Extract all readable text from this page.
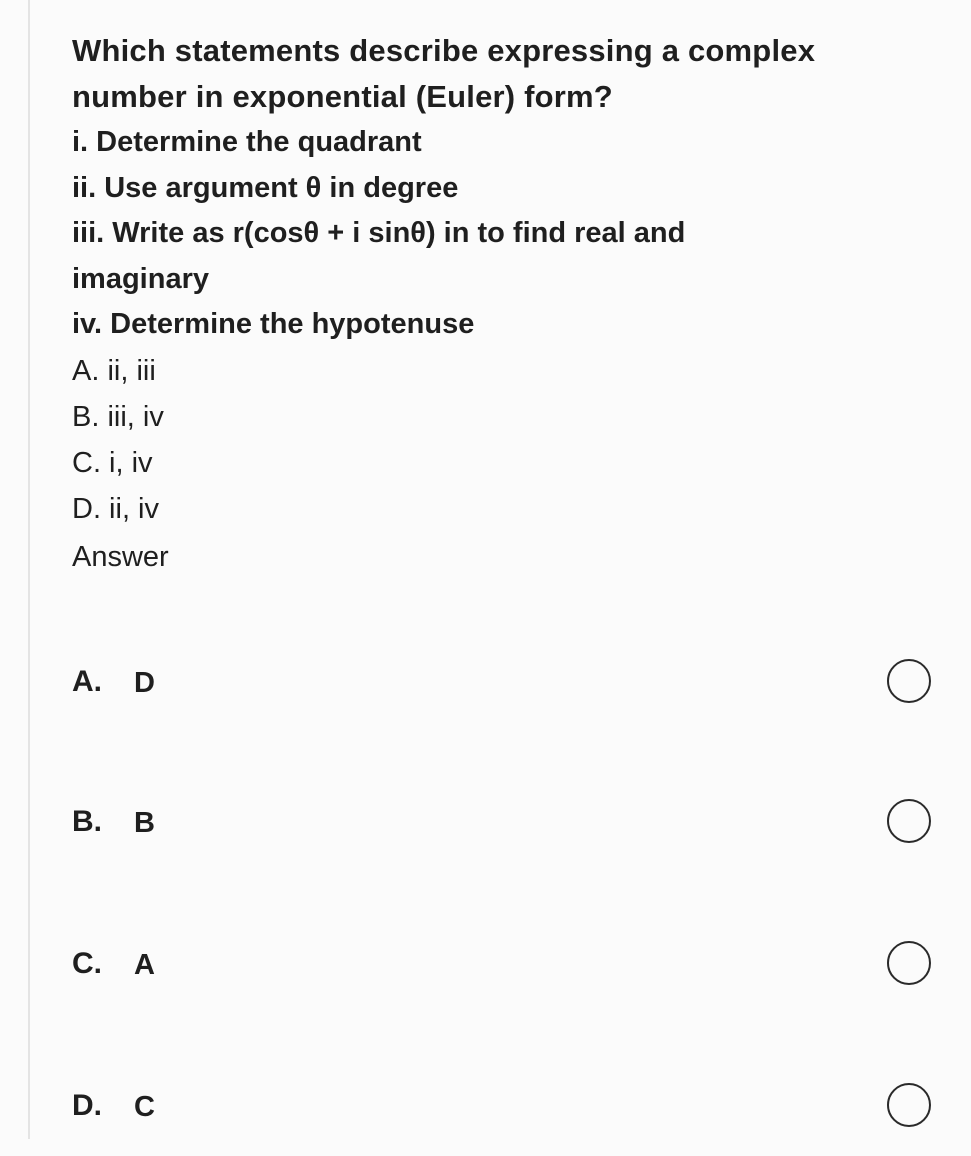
Which statements describe expressing a complex
number in exponential (Euler) form?
i. Determine the quadrant
ii. Use argument θ in degree
iii. Write as r(cosθ + i sinθ) in to find real and
imaginary
iv. Determine the hypotenuse
A. ii, iii
B. iii, iv
C. i, iv
D. ii, iv
Answer
A. D
B. B
C. A
D. C
